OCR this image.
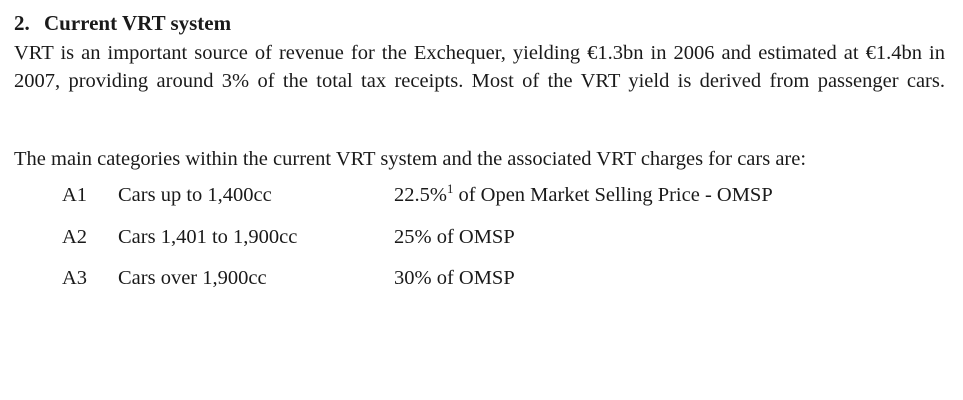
2. Current VRT system

VRT is an important source of revenue for the Exchequer, yielding €1.3bn in 2006 and estimated at €1.4bn in 2007, providing around 3% of the total tax receipts. Most of the VRT yield is derived from passenger cars.

The main categories within the current VRT system and the associated VRT charges for cars are:

A1	Cars up to 1,400cc	22.5%$^1$ of Open Market Selling Price - OMSP
A2	Cars 1,401 to 1,900cc	25% of OMSP
A3	Cars over 1,900cc	30% of OMSP
